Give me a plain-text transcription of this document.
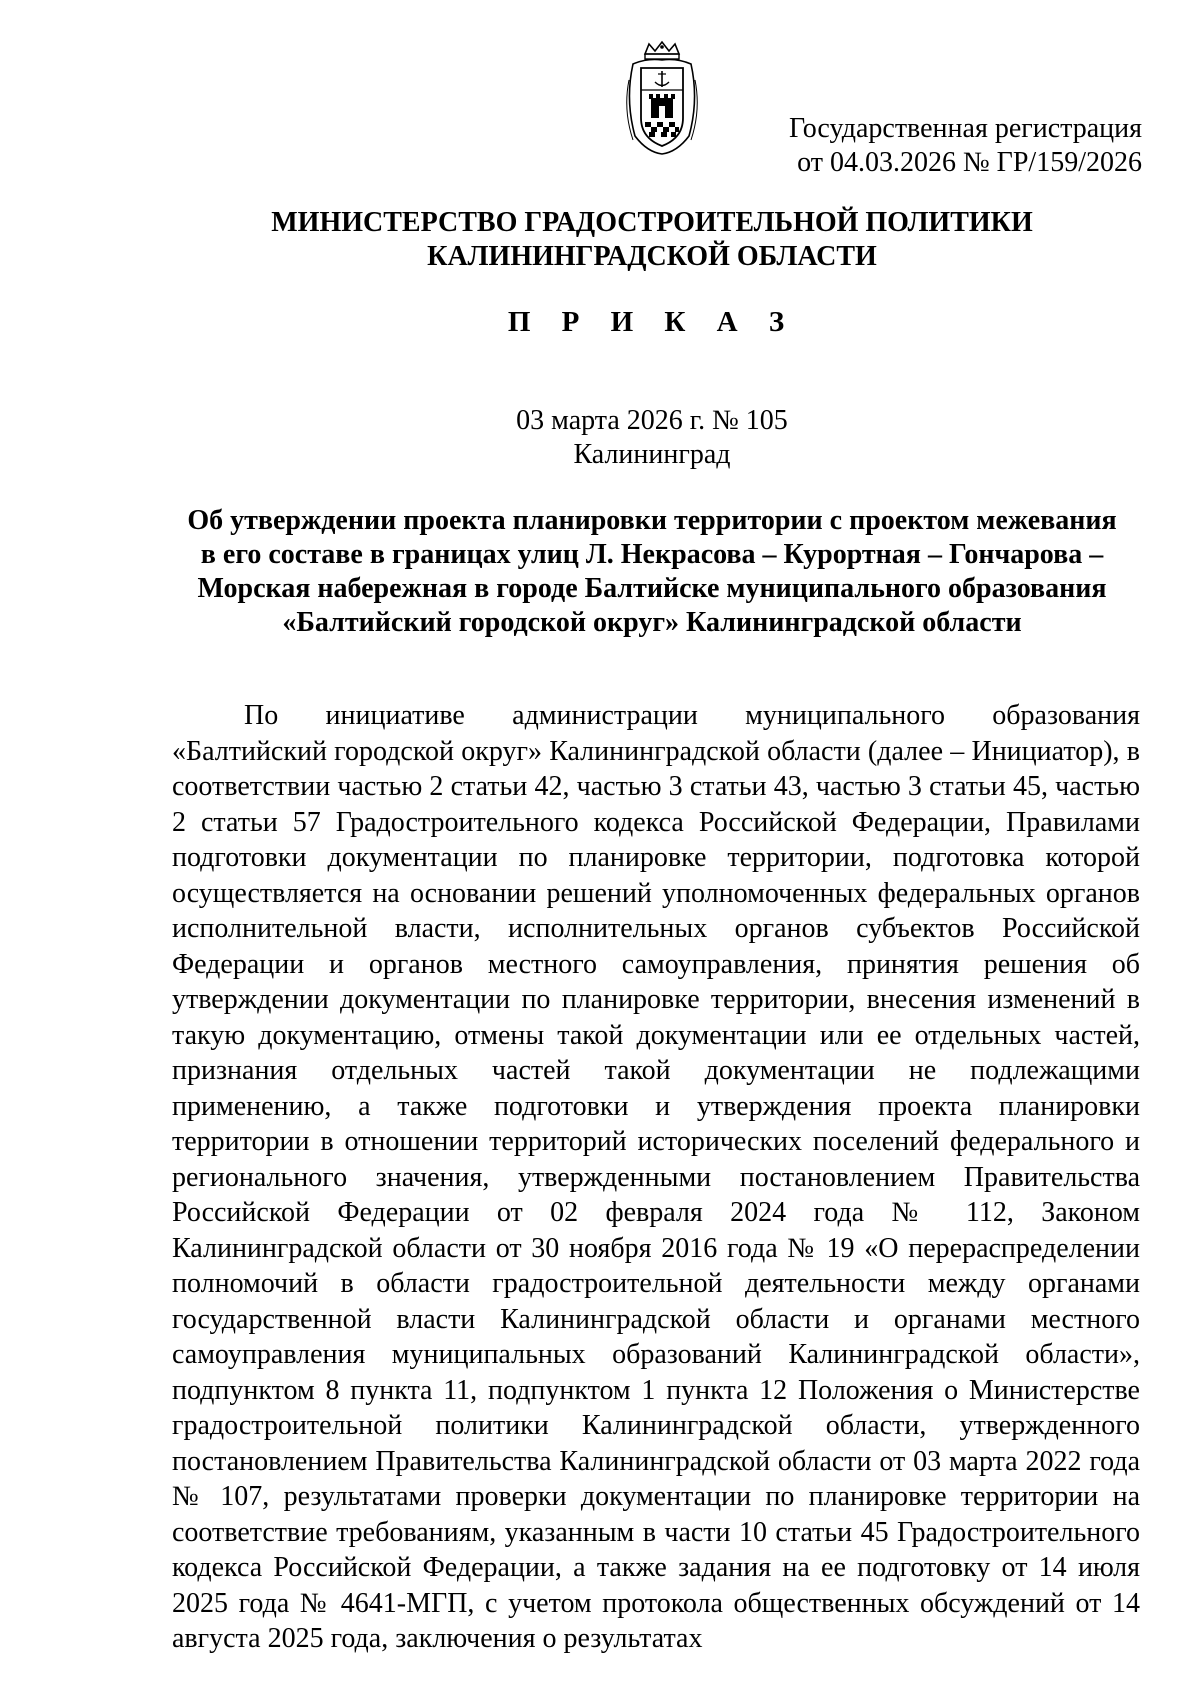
Государственная регистрация
от 04.03.2026 № ГР/159/2026
МИНИСТЕРСТВО ГРАДОСТРОИТЕЛЬНОЙ ПОЛИТИКИ
КАЛИНИНГРАДСКОЙ ОБЛАСТИ
П Р И К А З
03 марта 2026 г. № 105
Калининград
Об утверждении проекта планировки территории с проектом межевания
в его составе в границах улиц Л. Некрасова – Курортная – Гончарова –
Морская набережная в городе Балтийске муниципального образования
«Балтийский городской округ» Калининградской области

По инициативе администрации муниципального образования «Балтийский городской округ» Калининградской области (далее – Инициатор), в соответствии частью 2 статьи 42, частью 3 статьи 43, частью 3 статьи 45, частью 2 статьи 57 Градостроительного кодекса Российской Федерации, Правилами подготовки документации по планировке территории, подготовка которой осуществляется на основании решений уполномоченных федеральных органов исполнительной власти, исполнительных органов субъектов Российской Федерации и органов местного самоуправления, принятия решения об утверждении документации по планировке территории, внесения изменений в такую документацию, отмены такой документации или ее отдельных частей, признания отдельных частей такой документации не подлежащими применению, а также подготовки и утверждения проекта планировки территории в отношении территорий исторических поселений федерального и регионального значения, утвержденными постановлением Правительства Российской Федерации от 02 февраля 2024 года № 112, Законом Калининградской области от 30 ноября 2016 года № 19 «О перераспределении полномочий в области градостроительной деятельности между органами государственной власти Калининградской области и органами местного самоуправления муниципальных образований Калининградской области», подпунктом 8 пункта 11, подпунктом 1 пункта 12 Положения о Министерстве градостроительной политики Калининградской области, утвержденного постановлением Правительства Калининградской области от 03 марта 2022 года № 107, результатами проверки документации по планировке территории на соответствие требованиям, указанным в части 10 статьи 45 Градостроительного кодекса Российской Федерации, а также задания на ее подготовку от 14 июля 2025 года № 4641-МГП, с учетом протокола общественных обсуждений от 14 августа 2025 года, заключения о результатах
